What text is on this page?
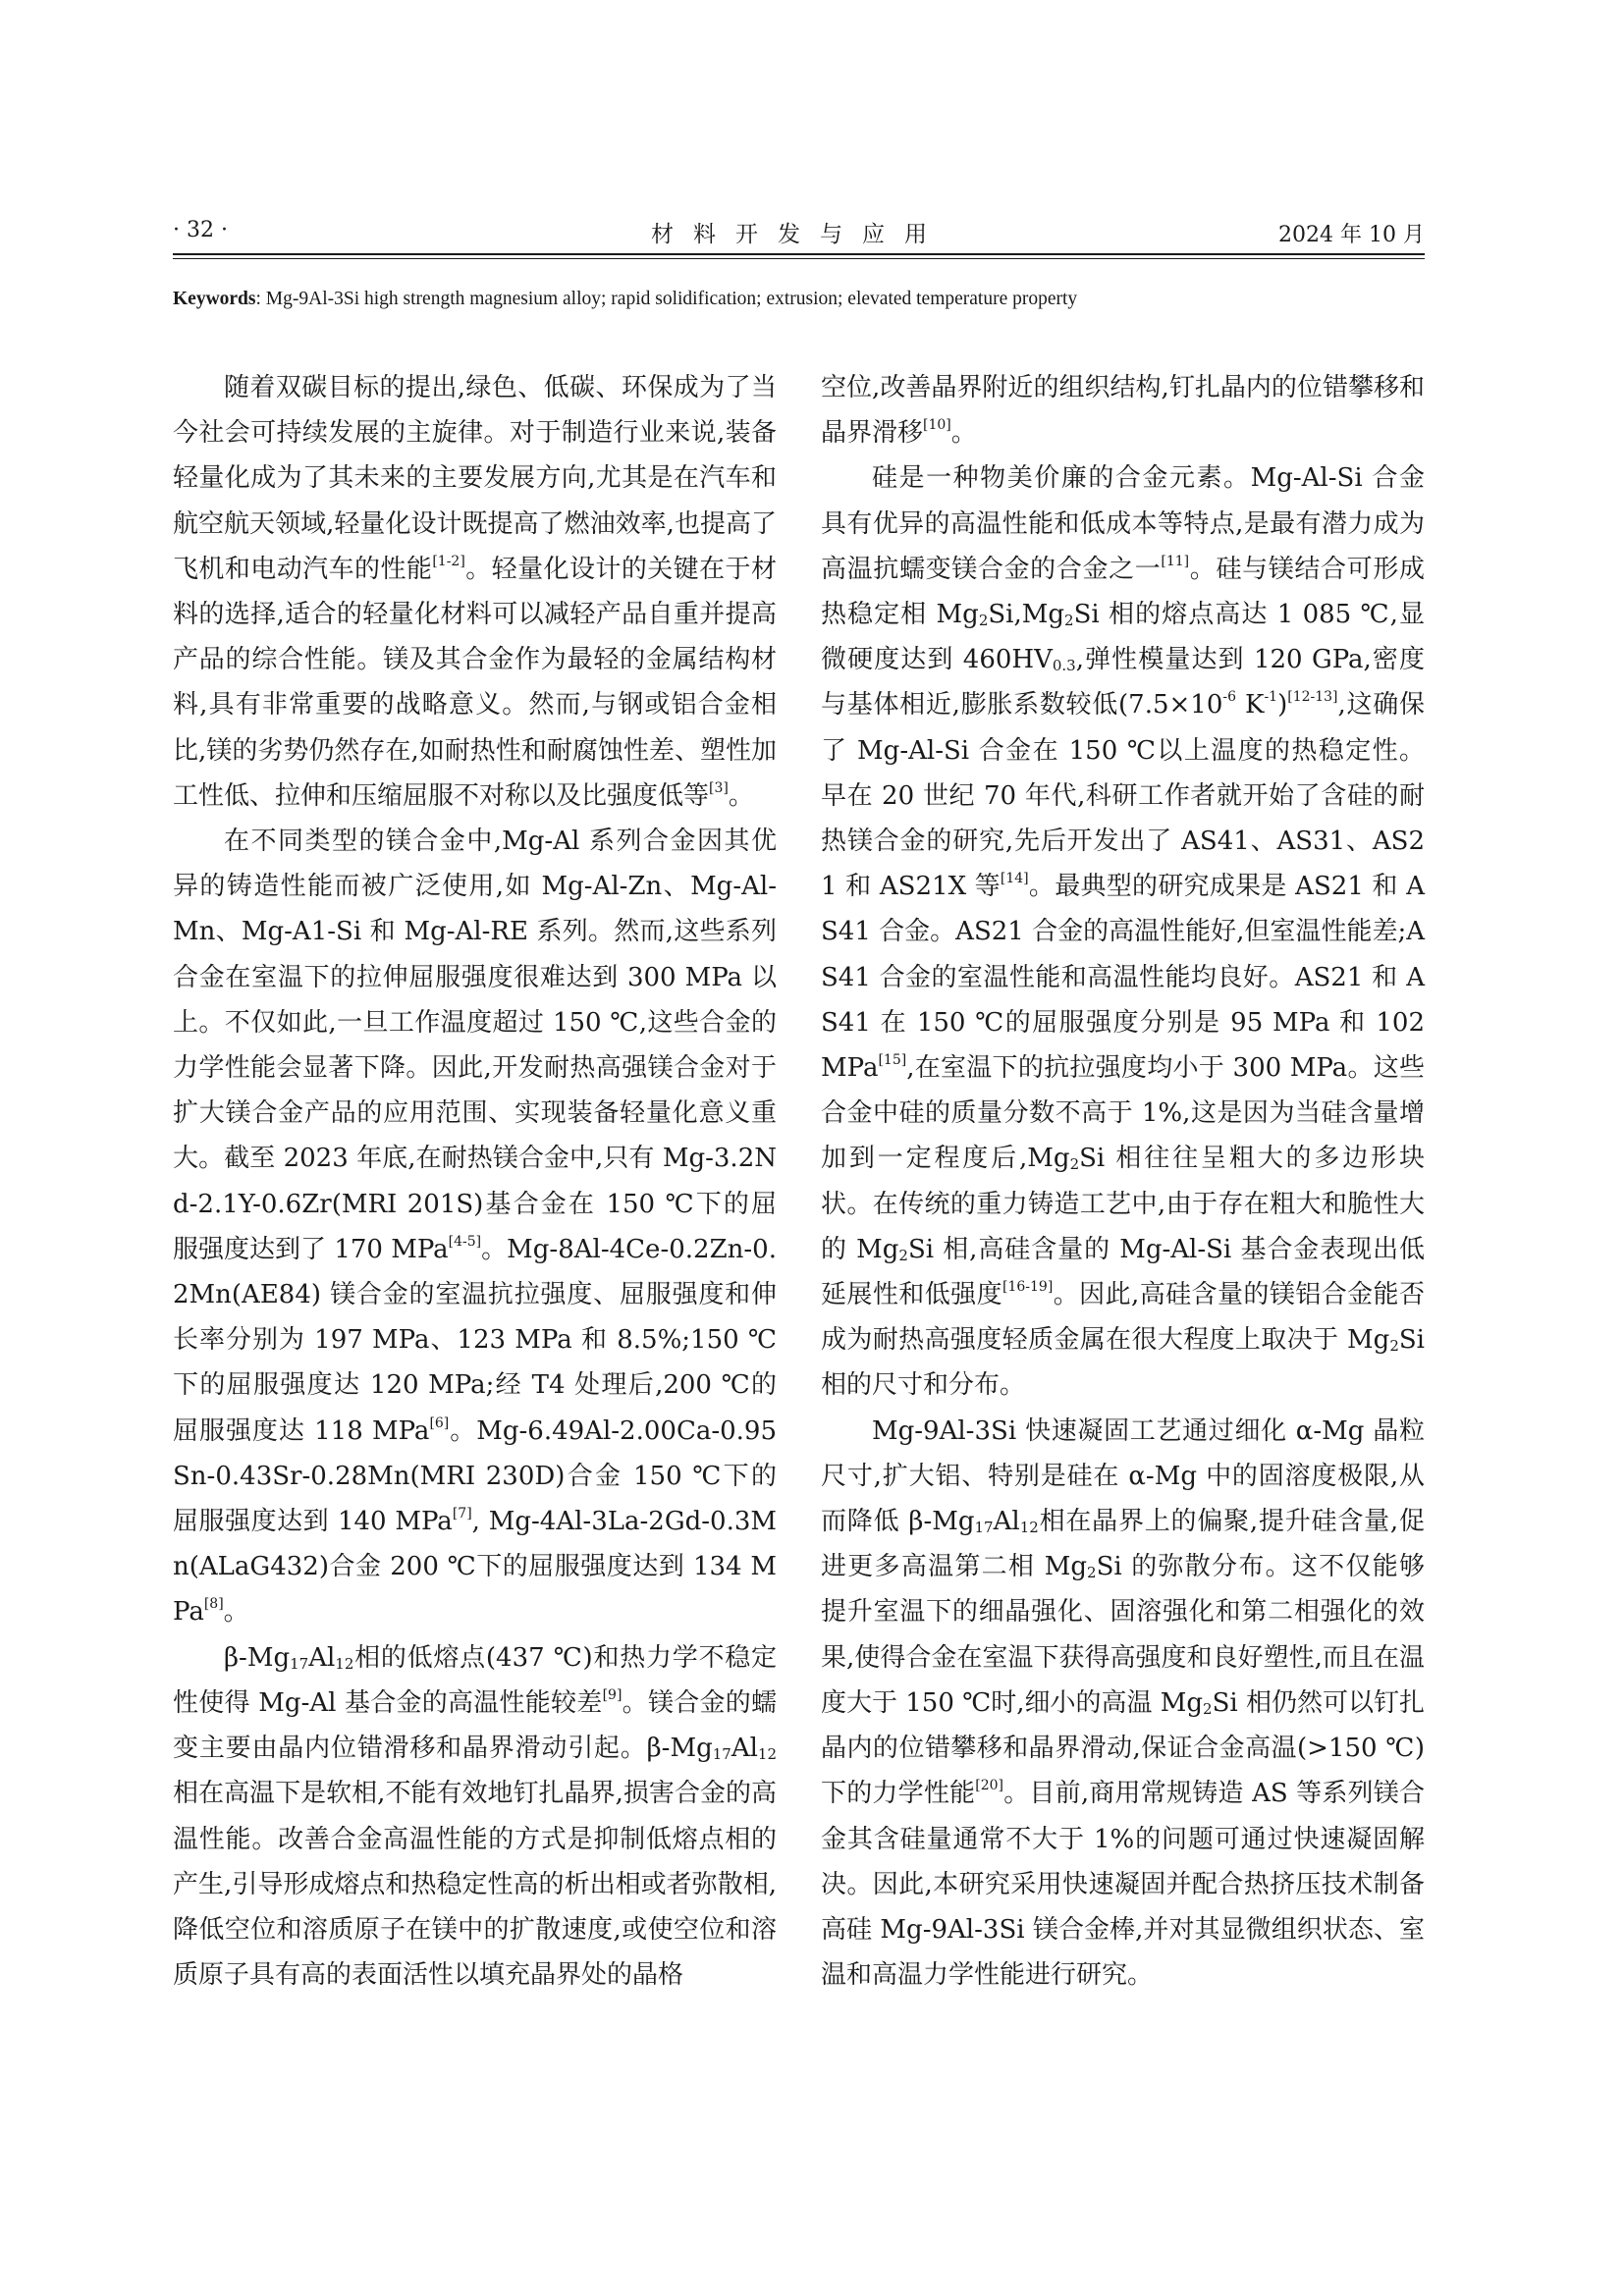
· 32 ·	材料开发与应用	2024 年 10 月
Keywords: Mg-9Al-3Si high strength magnesium alloy; rapid solidification; extrusion; elevated temperature property

随着双碳目标的提出,绿色、低碳、环保成为了当今社会可持续发展的主旋律。对于制造行业来说,装备轻量化成为了其未来的主要发展方向,尤其是在汽车和航空航天领域,轻量化设计既提高了燃油效率,也提高了飞机和电动汽车的性能[1-2]。轻量化设计的关键在于材料的选择,适合的轻量化材料可以减轻产品自重并提高产品的综合性能。镁及其合金作为最轻的金属结构材料,具有非常重要的战略意义。然而,与钢或铝合金相比,镁的劣势仍然存在,如耐热性和耐腐蚀性差、塑性加工性低、拉伸和压缩屈服不对称以及比强度低等[3]。

在不同类型的镁合金中,Mg-Al 系列合金因其优异的铸造性能而被广泛使用,如 Mg-Al-Zn、Mg-Al-Mn、Mg-A1-Si 和 Mg-Al-RE 系列。然而,这些系列合金在室温下的拉伸屈服强度很难达到 300 MPa 以上。不仅如此,一旦工作温度超过 150 ℃,这些合金的力学性能会显著下降。因此,开发耐热高强镁合金对于扩大镁合金产品的应用范围、实现装备轻量化意义重大。截至 2023 年底,在耐热镁合金中,只有 Mg-3.2Nd-2.1Y-0.6Zr(MRI 201S)基合金在 150 ℃下的屈服强度达到了 170 MPa[4-5]。Mg-8Al-4Ce-0.2Zn-0.2Mn(AE84) 镁合金的室温抗拉强度、屈服强度和伸长率分别为 197 MPa、123 MPa 和 8.5%;150 ℃下的屈服强度达 120 MPa;经 T4 处理后,200 ℃的屈服强度达 118 MPa[6]。Mg-6.49Al-2.00Ca-0.95Sn-0.43Sr-0.28Mn(MRI 230D)合金 150 ℃下的屈服强度达到 140 MPa[7], Mg-4Al-3La-2Gd-0.3Mn(ALaG432)合金 200 ℃下的屈服强度达到 134 MPa[8]。

$\beta-Mg_{17}Al_{12}$相的低熔点(437 ℃)和热力学不稳定性使得 Mg-Al 基合金的高温性能较差[9]。镁合金的蠕变主要由晶内位错滑移和晶界滑动引起。$\beta-Mg_{17}Al_{12}$相在高温下是软相,不能有效地钉扎晶界,损害合金的高温性能。改善合金高温性能的方式是抑制低熔点相的产生,引导形成熔点和热稳定性高的析出相或者弥散相,降低空位和溶质原子在镁中的扩散速度,或使空位和溶质原子具有高的表面活性以填充晶界处的晶格

空位,改善晶界附近的组织结构,钉扎晶内的位错攀移和晶界滑移[10]。

硅是一种物美价廉的合金元素。Mg-Al-Si 合金具有优异的高温性能和低成本等特点,是最有潜力成为高温抗蠕变镁合金的合金之一[11]。硅与镁结合可形成热稳定相 $Mg_2Si,Mg_2Si$ 相的熔点高达 1 085 ℃,显微硬度达到 $460HV_{0.3}$,弹性模量达到 120 GPa,密度与基体相近,膨胀系数较低($7.5\times 10^{-6}$ $K^{-1})[12-13]$,这确保了 Mg-Al-Si 合金在 150 ℃以上温度的热稳定性。早在 20 世纪 70 年代,科研工作者就开始了含硅的耐热镁合金的研究,先后开发出了 AS41、AS31、AS21 和 AS21X 等[14]。最典型的研究成果是 AS21 和 AS41 合金。AS21 合金的高温性能好,但室温性能差;AS41 合金的室温性能和高温性能均良好。AS21 和 AS41 在 150 ℃的屈服强度分别是 95 MPa 和 102 MPa[15],在室温下的抗拉强度均小于 300 MPa。这些合金中硅的质量分数不高于 1%,这是因为当硅含量增加到一定程度后$,Mg_2Si$ 相往往呈粗大的多边形块状。在传统的重力铸造工艺中,由于存在粗大和脆性大的 $Mg_2Si$ 相,高硅含量的 Mg-Al-Si 基合金表现出低延展性和低强度[16-19]。因此,高硅含量的镁铝合金能否成为耐热高强度轻质金属在很大程度上取决于 $Mg_2Si$ 相的尺寸和分布。

Mg-9Al-3Si 快速凝固工艺通过细化 α-Mg 晶粒尺寸,扩大铝、特别是硅在 α-Mg 中的固溶度极限,从而降低 $\beta-Mg_{17}Al_{12}$相在晶界上的偏聚,提升硅含量,促进更多高温第二相 $Mg_2Si$ 的弥散分布。这不仅能够提升室温下的细晶强化、固溶强化和第二相强化的效果,使得合金在室温下获得高强度和良好塑性,而且在温度大于 150 ℃时,细小的高温 $Mg_2Si$ 相仍然可以钉扎晶内的位错攀移和晶界滑动,保证合金高温(>150 ℃)下的力学性能[20]。目前,商用常规铸造 AS 等系列镁合金其含硅量通常不大于 1%的问题可通过快速凝固解决。因此,本研究采用快速凝固并配合热挤压技术制备高硅 Mg-9Al-3Si 镁合金棒,并对其显微组织状态、室温和高温力学性能进行研究。
